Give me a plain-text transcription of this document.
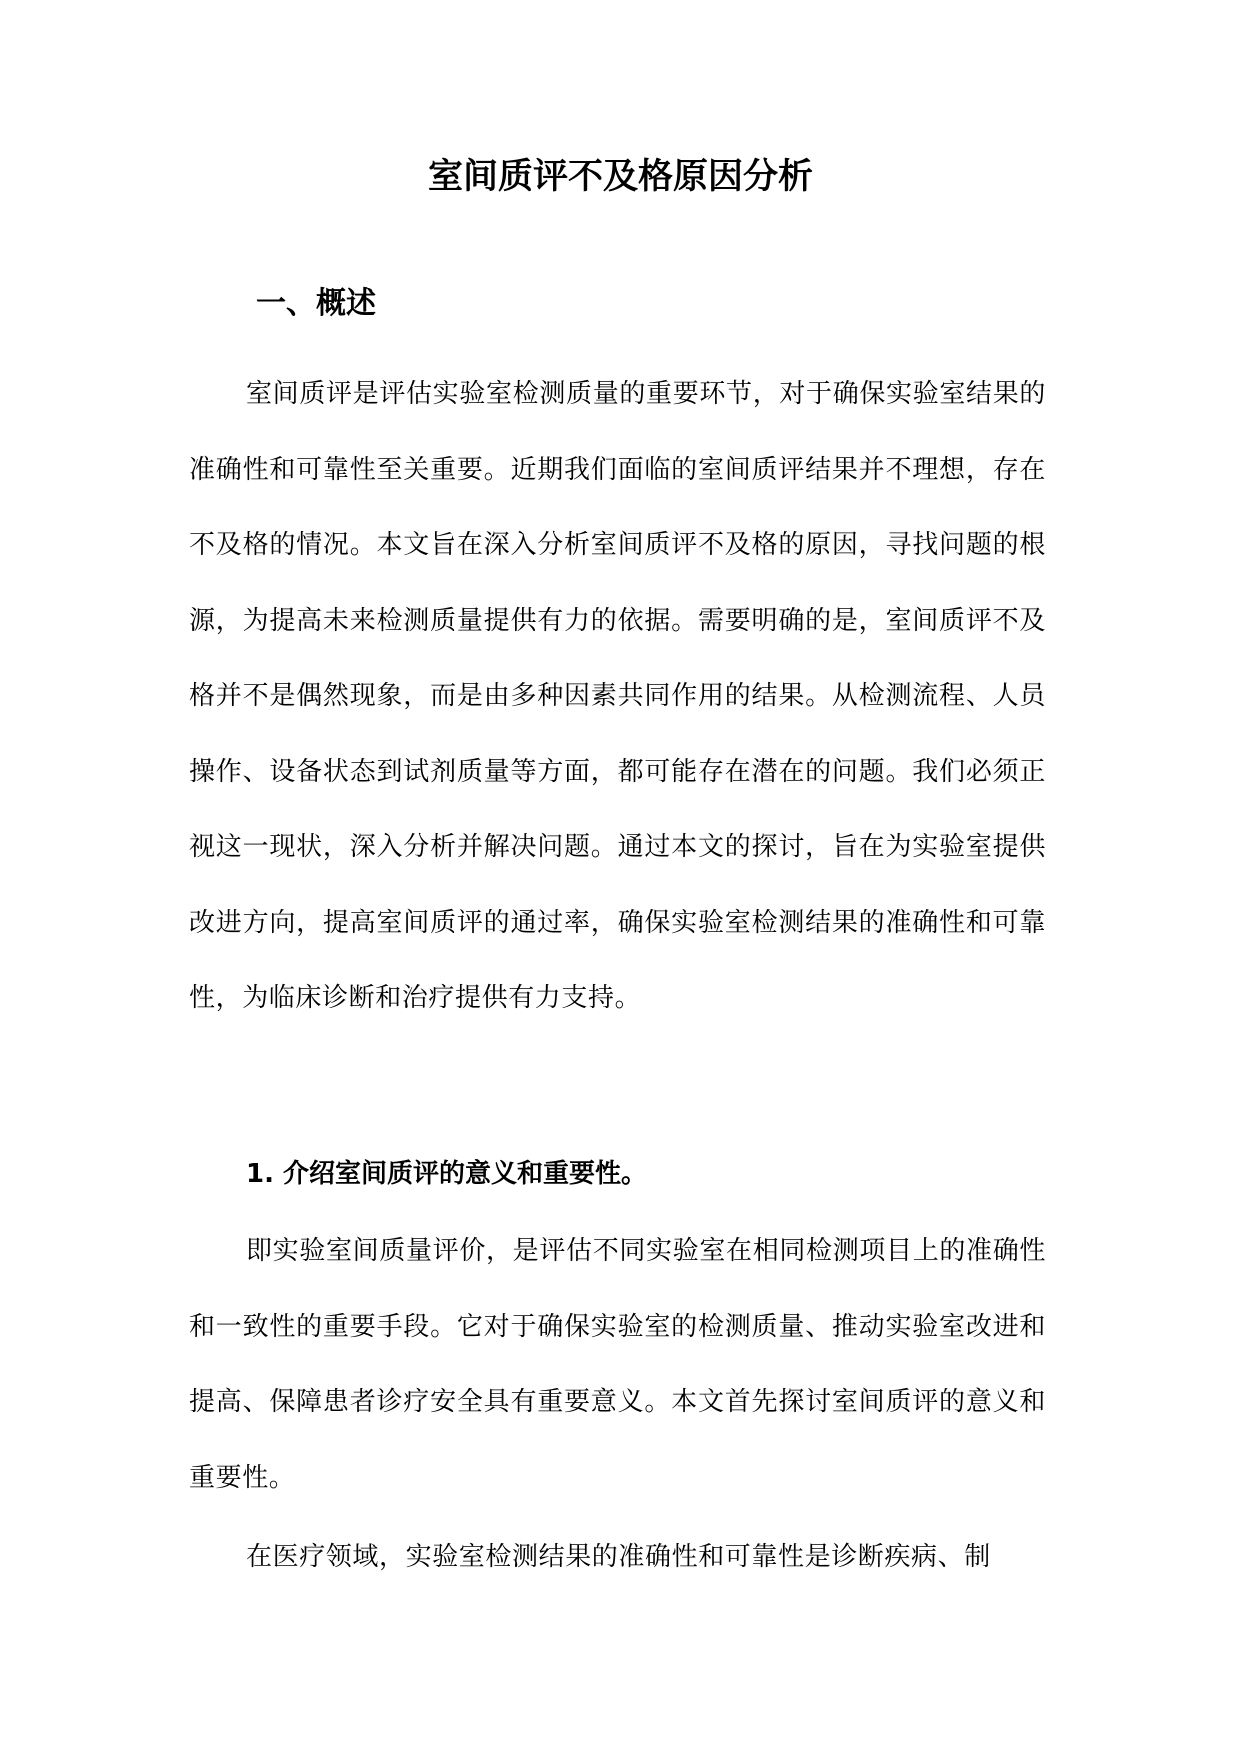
室间质评不及格原因分析
一、概述

室间质评是评估实验室检测质量的重要环节，对于确保实验室结果的准确性和可靠性至关重要。近期我们面临的室间质评结果并不理想，存在不及格的情况。本文旨在深入分析室间质评不及格的原因，寻找问题的根源，为提高未来检测质量提供有力的依据。需要明确的是，室间质评不及格并不是偶然现象，而是由多种因素共同作用的结果。从检测流程、人员操作、设备状态到试剂质量等方面，都可能存在潜在的问题。我们必须正视这一现状，深入分析并解决问题。通过本文的探讨，旨在为实验室提供改进方向，提高室间质评的通过率，确保实验室检测结果的准确性和可靠性，为临床诊断和治疗提供有力支持。

1. 介绍室间质评的意义和重要性。

即实验室间质量评价，是评估不同实验室在相同检测项目上的准确性和一致性的重要手段。它对于确保实验室的检测质量、推动实验室改进和提高、保障患者诊疗安全具有重要意义。本文首先探讨室间质评的意义和重要性。

在医疗领域，实验室检测结果的准确性和可靠性是诊断疾病、制
